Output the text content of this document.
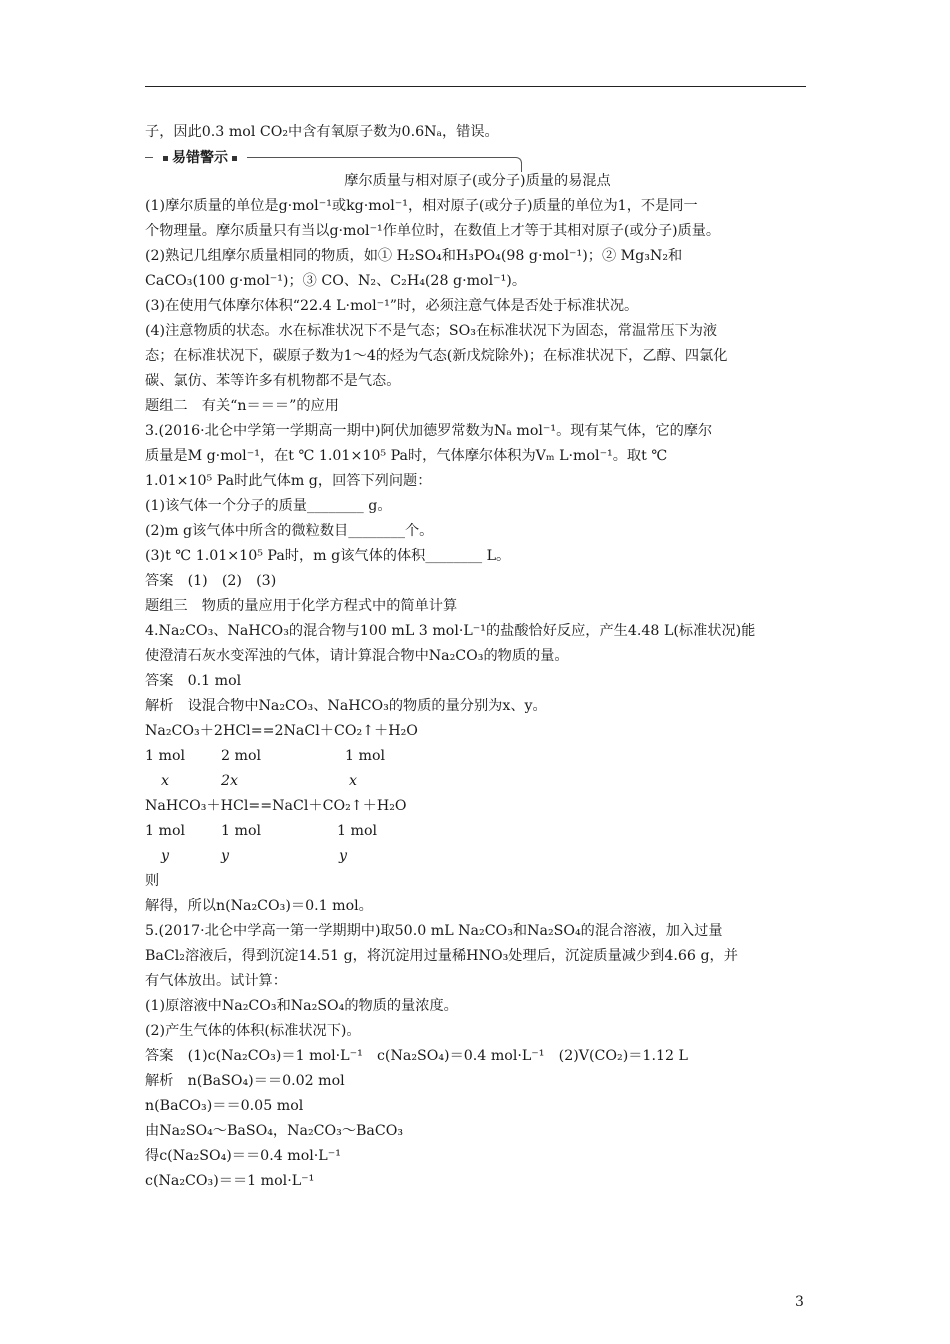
子，因此0.3 mol CO₂中含有氧原子数为0.6Nₐ，错误。
易错警示
摩尔质量与相对原子(或分子)质量的易混点
(1)摩尔质量的单位是g·mol⁻¹或kg·mol⁻¹，相对原子(或分子)质量的单位为1，不是同一
个物理量。摩尔质量只有当以g·mol⁻¹作单位时，在数值上才等于其相对原子(或分子)质量。
(2)熟记几组摩尔质量相同的物质，如① H₂SO₄和H₃PO₄(98 g·mol⁻¹)；② Mg₃N₂和
CaCO₃(100 g·mol⁻¹)；③ CO、N₂、C₂H₄(28 g·mol⁻¹)。
(3)在使用气体摩尔体积“22.4 L·mol⁻¹”时，必须注意气体是否处于标准状况。
(4)注意物质的状态。水在标准状况下不是气态；SO₃在标准状况下为固态，常温常压下为液
态；在标准状况下，碳原子数为1～4的烃为气态(新戊烷除外)；在标准状况下，乙醇、四氯化
碳、氯仿、苯等许多有机物都不是气态。
题组二　有关“n＝＝＝”的应用
3.(2016·北仑中学第一学期高一期中)阿伏加德罗常数为Nₐ mol⁻¹。现有某气体，它的摩尔
质量是M g·mol⁻¹，在t ℃ 1.01×10⁵ Pa时，气体摩尔体积为Vₘ L·mol⁻¹。取t ℃
1.01×10⁵ Pa时此气体m g，回答下列问题：
(1)该气体一个分子的质量________ g。
(2)m g该气体中所含的微粒数目________个。
(3)t ℃ 1.01×10⁵ Pa时，m g该气体的体积________ L。
答案　(1)　(2)　(3)
题组三　物质的量应用于化学方程式中的简单计算
4.Na₂CO₃、NaHCO₃的混合物与100 mL 3 mol·L⁻¹的盐酸恰好反应，产生4.48 L(标准状况)能
使澄清石灰水变浑浊的气体，请计算混合物中Na₂CO₃的物质的量。
答案　0.1 mol
解析　设混合物中Na₂CO₃、NaHCO₃的物质的量分别为x、y。
Na₂CO₃＋2HCl==2NaCl＋CO₂↑＋H₂O
1 mol	2 mol	1 mol
x	2x	x
NaHCO₃＋HCl==NaCl＋CO₂↑＋H₂O
1 mol	1 mol	1 mol
y	y	y
则
解得，所以n(Na₂CO₃)＝0.1 mol。
5.(2017·北仑中学高一第一学期期中)取50.0 mL Na₂CO₃和Na₂SO₄的混合溶液，加入过量
BaCl₂溶液后，得到沉淀14.51 g，将沉淀用过量稀HNO₃处理后，沉淀质量减少到4.66 g，并
有气体放出。试计算：
(1)原溶液中Na₂CO₃和Na₂SO₄的物质的量浓度。
(2)产生气体的体积(标准状况下)。
答案　(1)c(Na₂CO₃)＝1 mol·L⁻¹　c(Na₂SO₄)＝0.4 mol·L⁻¹　(2)V(CO₂)＝1.12 L
解析　n(BaSO₄)＝＝0.02 mol
n(BaCO₃)＝＝0.05 mol
由Na₂SO₄～BaSO₄，Na₂CO₃～BaCO₃
得c(Na₂SO₄)＝＝0.4 mol·L⁻¹
c(Na₂CO₃)＝＝1 mol·L⁻¹
3
